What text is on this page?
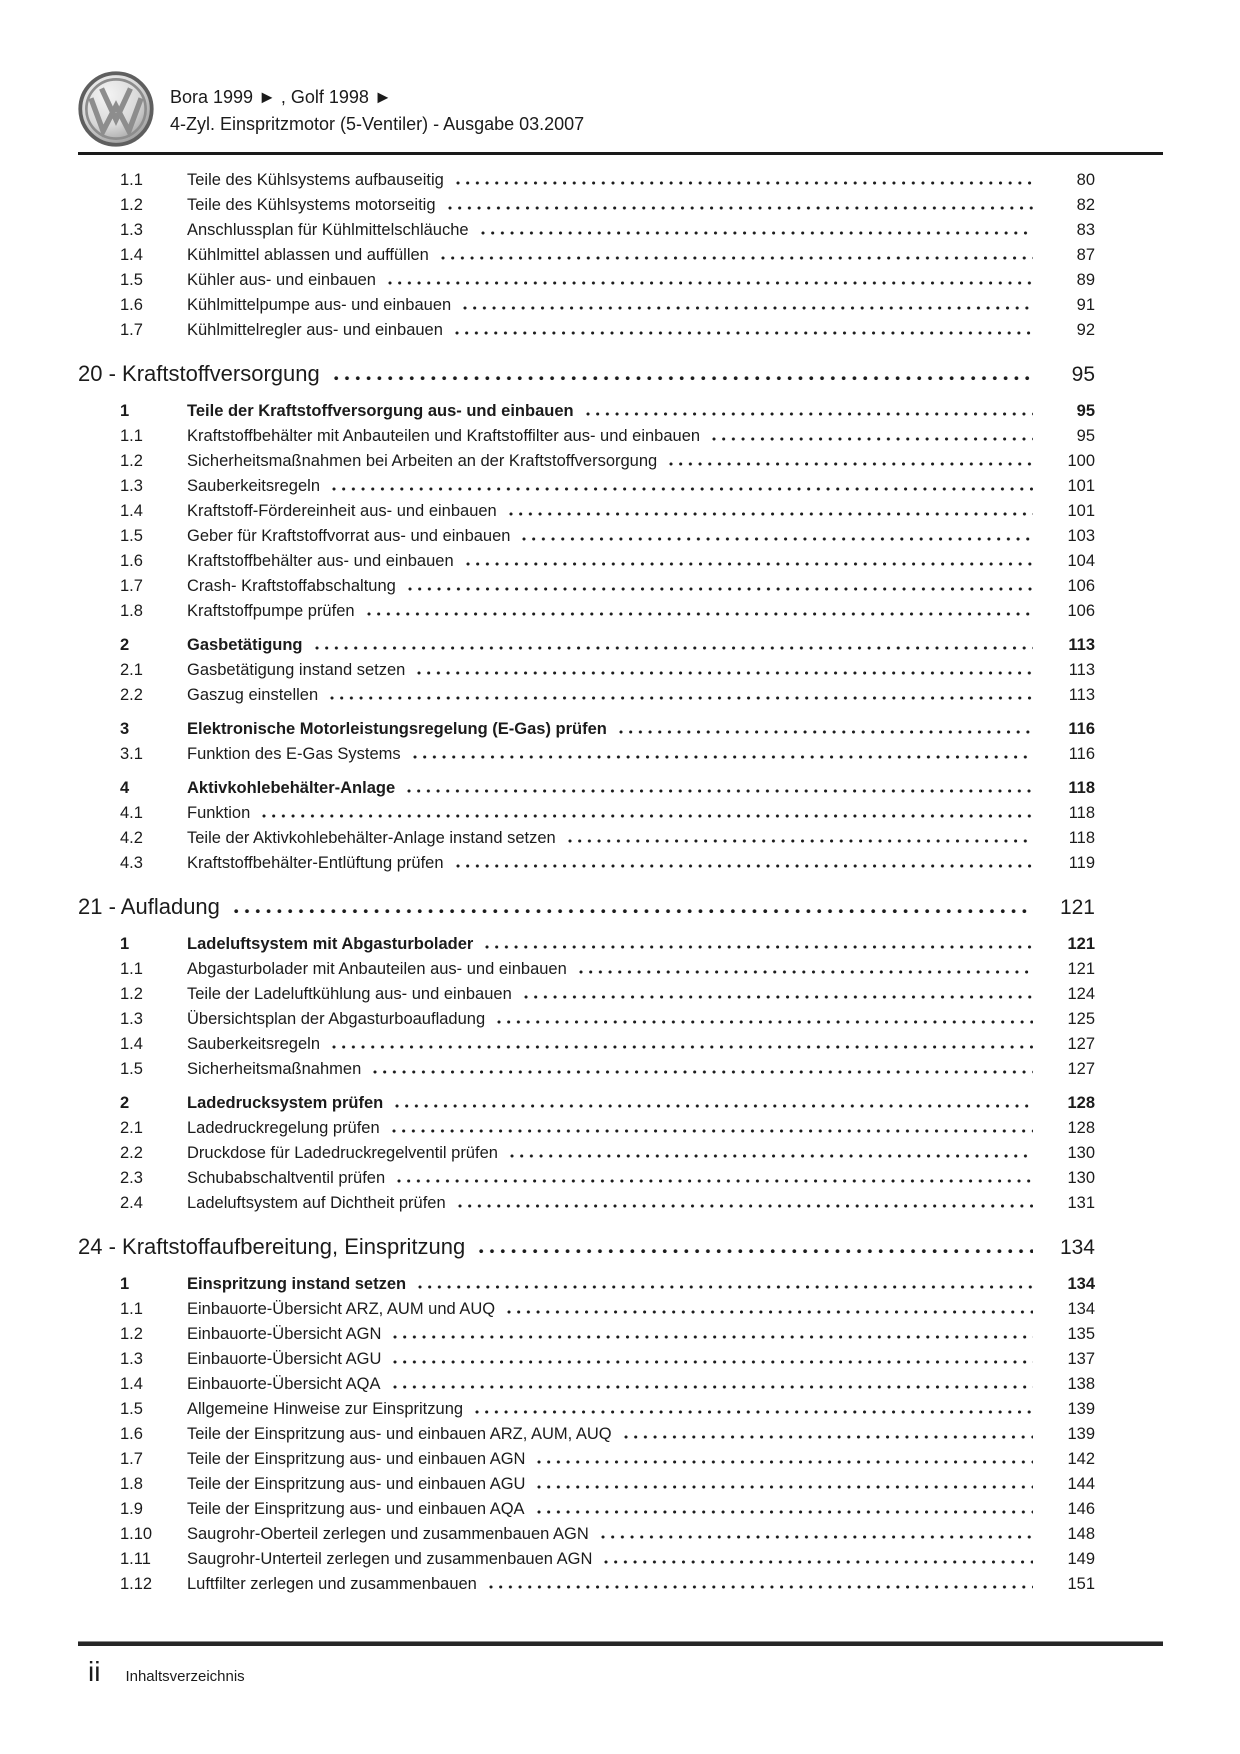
Bora 1999 ► , Golf 1998 ►
4-Zyl. Einspritzmotor (5-Ventiler) - Ausgabe 03.2007
1.1	Teile des Kühlsystems aufbauseitig	80
1.2	Teile des Kühlsystems motorseitig	82
1.3	Anschlussplan für Kühlmittelschläuche	83
1.4	Kühlmittel ablassen und auffüllen	87
1.5	Kühler aus- und einbauen	89
1.6	Kühlmittelpumpe aus- und einbauen	91
1.7	Kühlmittelregler aus- und einbauen	92
20 - Kraftstoffversorgung	95
1	Teile der Kraftstoffversorgung aus- und einbauen	95
1.1	Kraftstoffbehälter mit Anbauteilen und Kraftstoffilter aus- und einbauen	95
1.2	Sicherheitsmaßnahmen bei Arbeiten an der Kraftstoffversorgung	100
1.3	Sauberkeitsregeln	101
1.4	Kraftstoff-Fördereinheit aus- und einbauen	101
1.5	Geber für Kraftstoffvorrat aus- und einbauen	103
1.6	Kraftstoffbehälter aus- und einbauen	104
1.7	Crash- Kraftstoffabschaltung	106
1.8	Kraftstoffpumpe prüfen	106
2	Gasbetätigung	113
2.1	Gasbetätigung instand setzen	113
2.2	Gaszug einstellen	113
3	Elektronische Motorleistungsregelung (E-Gas) prüfen	116
3.1	Funktion des E-Gas Systems	116
4	Aktivkohlebehälter-Anlage	118
4.1	Funktion	118
4.2	Teile der Aktivkohlebehälter-Anlage instand setzen	118
4.3	Kraftstoffbehälter-Entlüftung prüfen	119
21 - Aufladung	121
1	Ladeluftsystem mit Abgasturbolader	121
1.1	Abgasturbolader mit Anbauteilen aus- und einbauen	121
1.2	Teile der Ladeluftkühlung aus- und einbauen	124
1.3	Übersichtsplan der Abgasturboaufladung	125
1.4	Sauberkeitsregeln	127
1.5	Sicherheitsmaßnahmen	127
2	Ladedrucksystem prüfen	128
2.1	Ladedruckregelung prüfen	128
2.2	Druckdose für Ladedruckregelventil prüfen	130
2.3	Schubabschaltventil prüfen	130
2.4	Ladeluftsystem auf Dichtheit prüfen	131
24 - Kraftstoffaufbereitung, Einspritzung	134
1	Einspritzung instand setzen	134
1.1	Einbauorte-Übersicht ARZ, AUM und AUQ	134
1.2	Einbauorte-Übersicht AGN	135
1.3	Einbauorte-Übersicht AGU	137
1.4	Einbauorte-Übersicht AQA	138
1.5	Allgemeine Hinweise zur Einspritzung	139
1.6	Teile der Einspritzung aus- und einbauen ARZ, AUM, AUQ	139
1.7	Teile der Einspritzung aus- und einbauen AGN	142
1.8	Teile der Einspritzung aus- und einbauen AGU	144
1.9	Teile der Einspritzung aus- und einbauen AQA	146
1.10	Saugrohr-Oberteil zerlegen und zusammenbauen AGN	148
1.11	Saugrohr-Unterteil zerlegen und zusammenbauen AGN	149
1.12	Luftfilter zerlegen und zusammenbauen	151
ii Inhaltsverzeichnis
